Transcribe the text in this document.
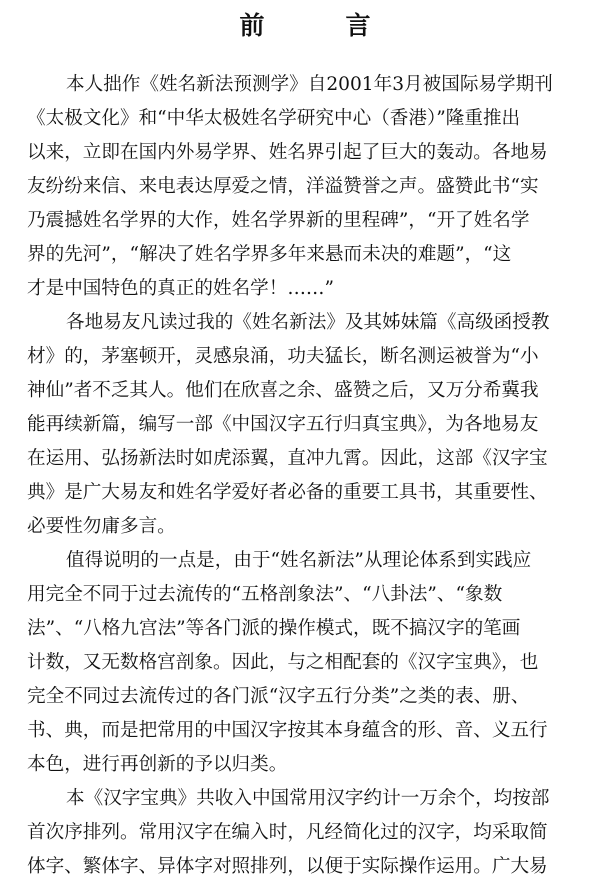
前　言
本人拙作《姓名新法预测学》自2001年3月被国际易学期刊
《太极文化》和“中华太极姓名学研究中心（香港）”隆重推出
以来，立即在国内外易学界、姓名界引起了巨大的轰动。各地易
友纷纷来信、来电表达厚爱之情，洋溢赞誉之声。盛赞此书“实
乃震撼姓名学界的大作，姓名学界新的里程碑”，“开了姓名学
界的先河”，“解决了姓名学界多年来悬而未决的难题”，“这
才是中国特色的真正的姓名学！……”
各地易友凡读过我的《姓名新法》及其姊妹篇《高级函授教
材》的，茅塞顿开，灵感泉涌，功夫猛长，断名测运被誉为“小
神仙”者不乏其人。他们在欣喜之余、盛赞之后，又万分希冀我
能再续新篇，编写一部《中国汉字五行归真宝典》，为各地易友
在运用、弘扬新法时如虎添翼，直冲九霄。因此，这部《汉字宝
典》是广大易友和姓名学爱好者必备的重要工具书，其重要性、
必要性勿庸多言。
值得说明的一点是，由于“姓名新法”从理论体系到实践应
用完全不同于过去流传的“五格剖象法”、“八卦法”、“象数
法”、“八格九宫法”等各门派的操作模式，既不搞汉字的笔画
计数，又无数格宫剖象。因此，与之相配套的《汉字宝典》，也
完全不同过去流传过的各门派“汉字五行分类”之类的表、册、
书、典，而是把常用的中国汉字按其本身蕴含的形、音、义五行
本色，进行再创新的予以归类。
本《汉字宝典》共收入中国常用汉字约计一万余个，均按部
首次序排列。常用汉字在编入时，凡经简化过的汉字，均采取简
体字、繁体字、异体字对照排列，以便于实际操作运用。广大易
